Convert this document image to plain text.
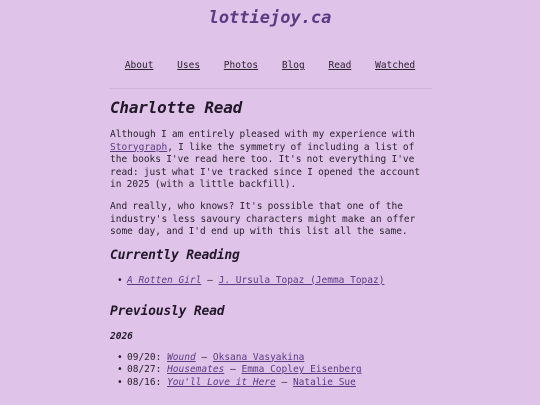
lottiejoy.ca
About Uses Photos Blog Read Watched
Charlotte Read

Although I am entirely pleased with my experience with Storygraph, I like the symmetry of including a list of the books I've read here too. It's not everything I've read: just what I've tracked since I opened the account in 2025 (with a little backfill).

And really, who knows? It's possible that one of the industry's less savoury characters might make an offer some day, and I'd end up with this list all the same.

Currently Reading
• A Rotten Girl – J. Ursula Topaz (Jemma Topaz)
Previously Read
2026
• 09/20: Wound – Oksana Vasyakina
• 08/27: Housemates – Emma Copley Eisenberg
• 08/16: You'll Love it Here – Natalie Sue
